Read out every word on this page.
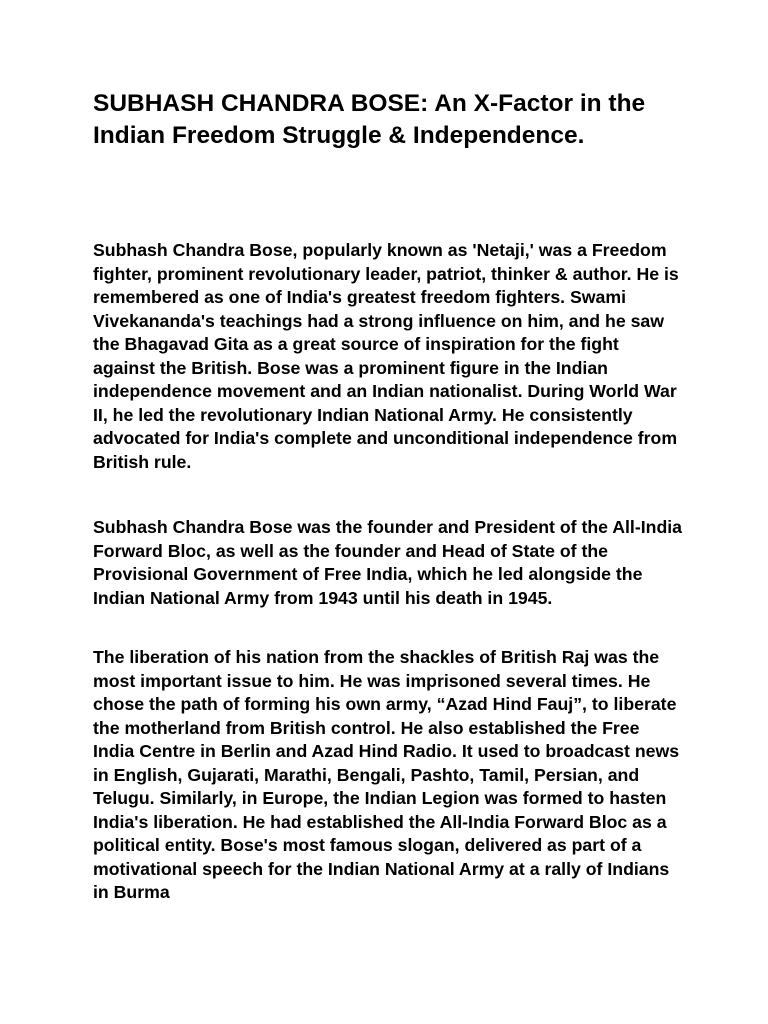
SUBHASH CHANDRA BOSE: An X-Factor in the Indian Freedom Struggle & Independence.

Subhash Chandra Bose, popularly known as 'Netaji,' was a Freedom fighter, prominent revolutionary leader, patriot, thinker & author. He is remembered as one of India's greatest freedom fighters. Swami Vivekananda's teachings had a strong influence on him, and he saw the Bhagavad Gita as a great source of inspiration for the fight against the British. Bose was a prominent figure in the Indian independence movement and an Indian nationalist. During World War II, he led the revolutionary Indian National Army. He consistently advocated for India's complete and unconditional independence from British rule.

Subhash Chandra Bose was the founder and President of the All-India Forward Bloc, as well as the founder and Head of State of the Provisional Government of Free India, which he led alongside the Indian National Army from 1943 until his death in 1945.

The liberation of his nation from the shackles of British Raj was the most important issue to him. He was imprisoned several times. He chose the path of forming his own army, “Azad Hind Fauj”, to liberate the motherland from British control. He also established the Free India Centre in Berlin and Azad Hind Radio. It used to broadcast news in English, Gujarati, Marathi, Bengali, Pashto, Tamil, Persian, and Telugu. Similarly, in Europe, the Indian Legion was formed to hasten India's liberation. He had established the All-India Forward Bloc as a political entity. Bose's most famous slogan, delivered as part of a motivational speech for the Indian National Army at a rally of Indians in Burma
